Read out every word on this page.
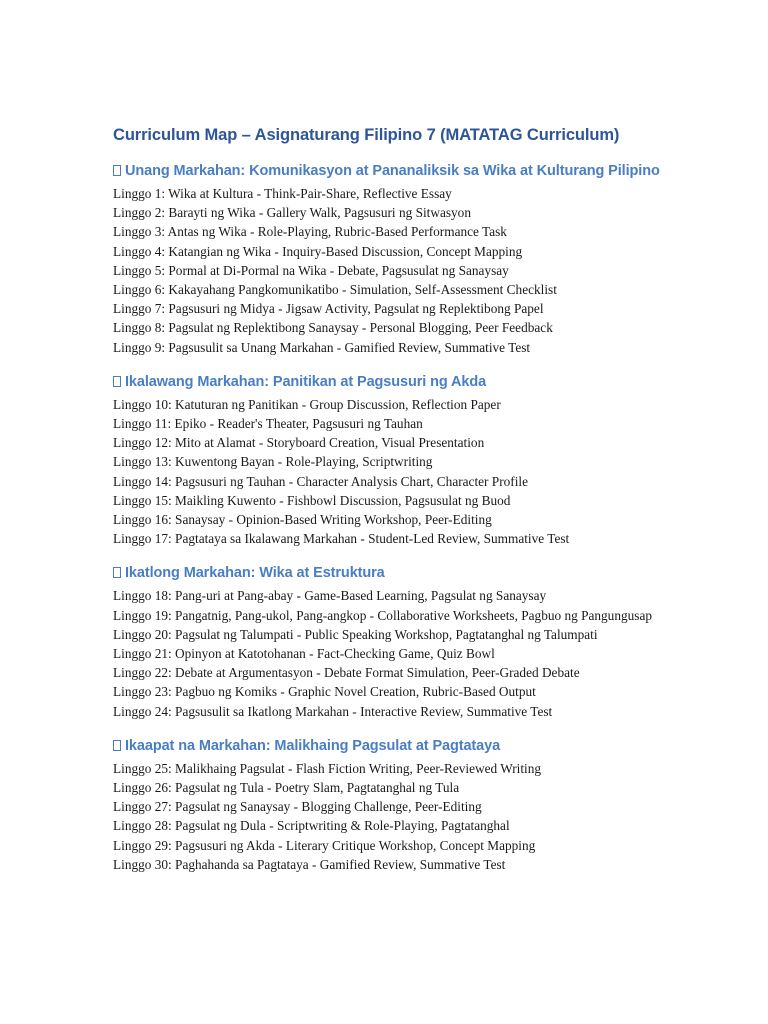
Curriculum Map – Asignaturang Filipino 7 (MATATAG Curriculum)
Unang Markahan: Komunikasyon at Pananaliksik sa Wika at Kulturang Pilipino
Linggo 1: Wika at Kultura - Think-Pair-Share, Reflective Essay
Linggo 2: Barayti ng Wika - Gallery Walk, Pagsusuri ng Sitwasyon
Linggo 3: Antas ng Wika - Role-Playing, Rubric-Based Performance Task
Linggo 4: Katangian ng Wika - Inquiry-Based Discussion, Concept Mapping
Linggo 5: Pormal at Di-Pormal na Wika - Debate, Pagsusulat ng Sanaysay
Linggo 6: Kakayahang Pangkomunikatibo - Simulation, Self-Assessment Checklist
Linggo 7: Pagsusuri ng Midya - Jigsaw Activity, Pagsulat ng Replektibong Papel
Linggo 8: Pagsulat ng Replektibong Sanaysay - Personal Blogging, Peer Feedback
Linggo 9: Pagsusulit sa Unang Markahan - Gamified Review, Summative Test
Ikalawang Markahan: Panitikan at Pagsusuri ng Akda
Linggo 10: Katuturan ng Panitikan - Group Discussion, Reflection Paper
Linggo 11: Epiko - Reader's Theater, Pagsusuri ng Tauhan
Linggo 12: Mito at Alamat - Storyboard Creation, Visual Presentation
Linggo 13: Kuwentong Bayan - Role-Playing, Scriptwriting
Linggo 14: Pagsusuri ng Tauhan - Character Analysis Chart, Character Profile
Linggo 15: Maikling Kuwento - Fishbowl Discussion, Pagsusulat ng Buod
Linggo 16: Sanaysay - Opinion-Based Writing Workshop, Peer-Editing
Linggo 17: Pagtataya sa Ikalawang Markahan - Student-Led Review, Summative Test
Ikatlong Markahan: Wika at Estruktura
Linggo 18: Pang-uri at Pang-abay - Game-Based Learning, Pagsulat ng Sanaysay
Linggo 19: Pangatnig, Pang-ukol, Pang-angkop - Collaborative Worksheets, Pagbuo ng Pangungusap
Linggo 20: Pagsulat ng Talumpati - Public Speaking Workshop, Pagtatanghal ng Talumpati
Linggo 21: Opinyon at Katotohanan - Fact-Checking Game, Quiz Bowl
Linggo 22: Debate at Argumentasyon - Debate Format Simulation, Peer-Graded Debate
Linggo 23: Pagbuo ng Komiks - Graphic Novel Creation, Rubric-Based Output
Linggo 24: Pagsusulit sa Ikatlong Markahan - Interactive Review, Summative Test
Ikaapat na Markahan: Malikhaing Pagsulat at Pagtataya
Linggo 25: Malikhaing Pagsulat - Flash Fiction Writing, Peer-Reviewed Writing
Linggo 26: Pagsulat ng Tula - Poetry Slam, Pagtatanghal ng Tula
Linggo 27: Pagsulat ng Sanaysay - Blogging Challenge, Peer-Editing
Linggo 28: Pagsulat ng Dula - Scriptwriting & Role-Playing, Pagtatanghal
Linggo 29: Pagsusuri ng Akda - Literary Critique Workshop, Concept Mapping
Linggo 30: Paghahanda sa Pagtataya - Gamified Review, Summative Test
